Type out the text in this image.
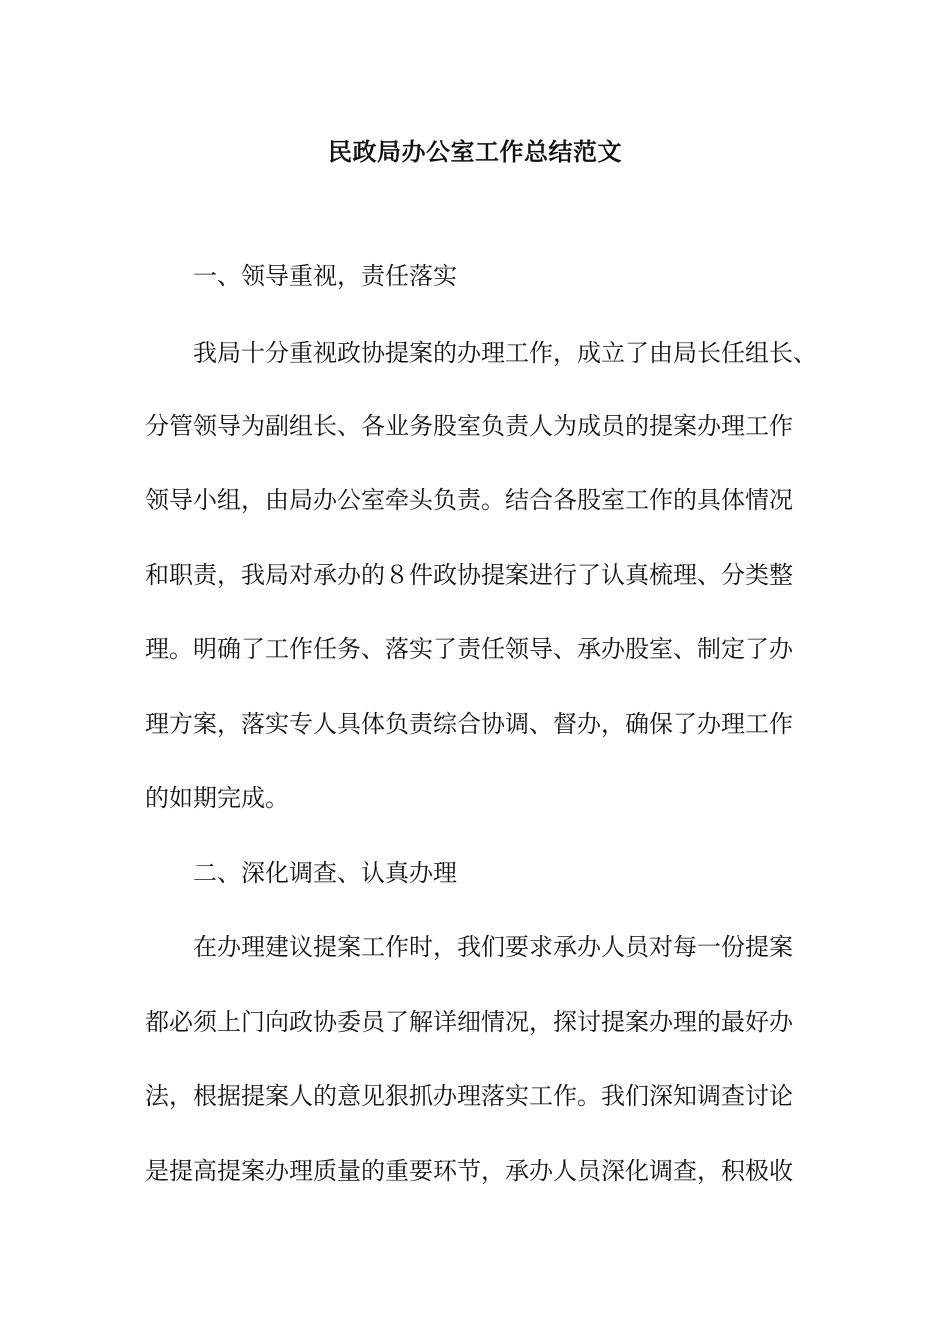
民政局办公室工作总结范文
一、领导重视，责任落实
我局十分重视政协提案的办理工作，成立了由局长任组长、
分管领导为副组长、各业务股室负责人为成员的提案办理工作
领导小组，由局办公室牵头负责。结合各股室工作的具体情况
和职责，我局对承办的８件政协提案进行了认真梳理、分类整
理。明确了工作任务、落实了责任领导、承办股室、制定了办
理方案，落实专人具体负责综合协调、督办，确保了办理工作
的如期完成。
二、深化调查、认真办理
在办理建议提案工作时，我们要求承办人员对每一份提案
都必须上门向政协委员了解详细情况，探讨提案办理的最好办
法，根据提案人的意见狠抓办理落实工作。我们深知调查讨论
是提高提案办理质量的重要环节，承办人员深化调查，积极收
